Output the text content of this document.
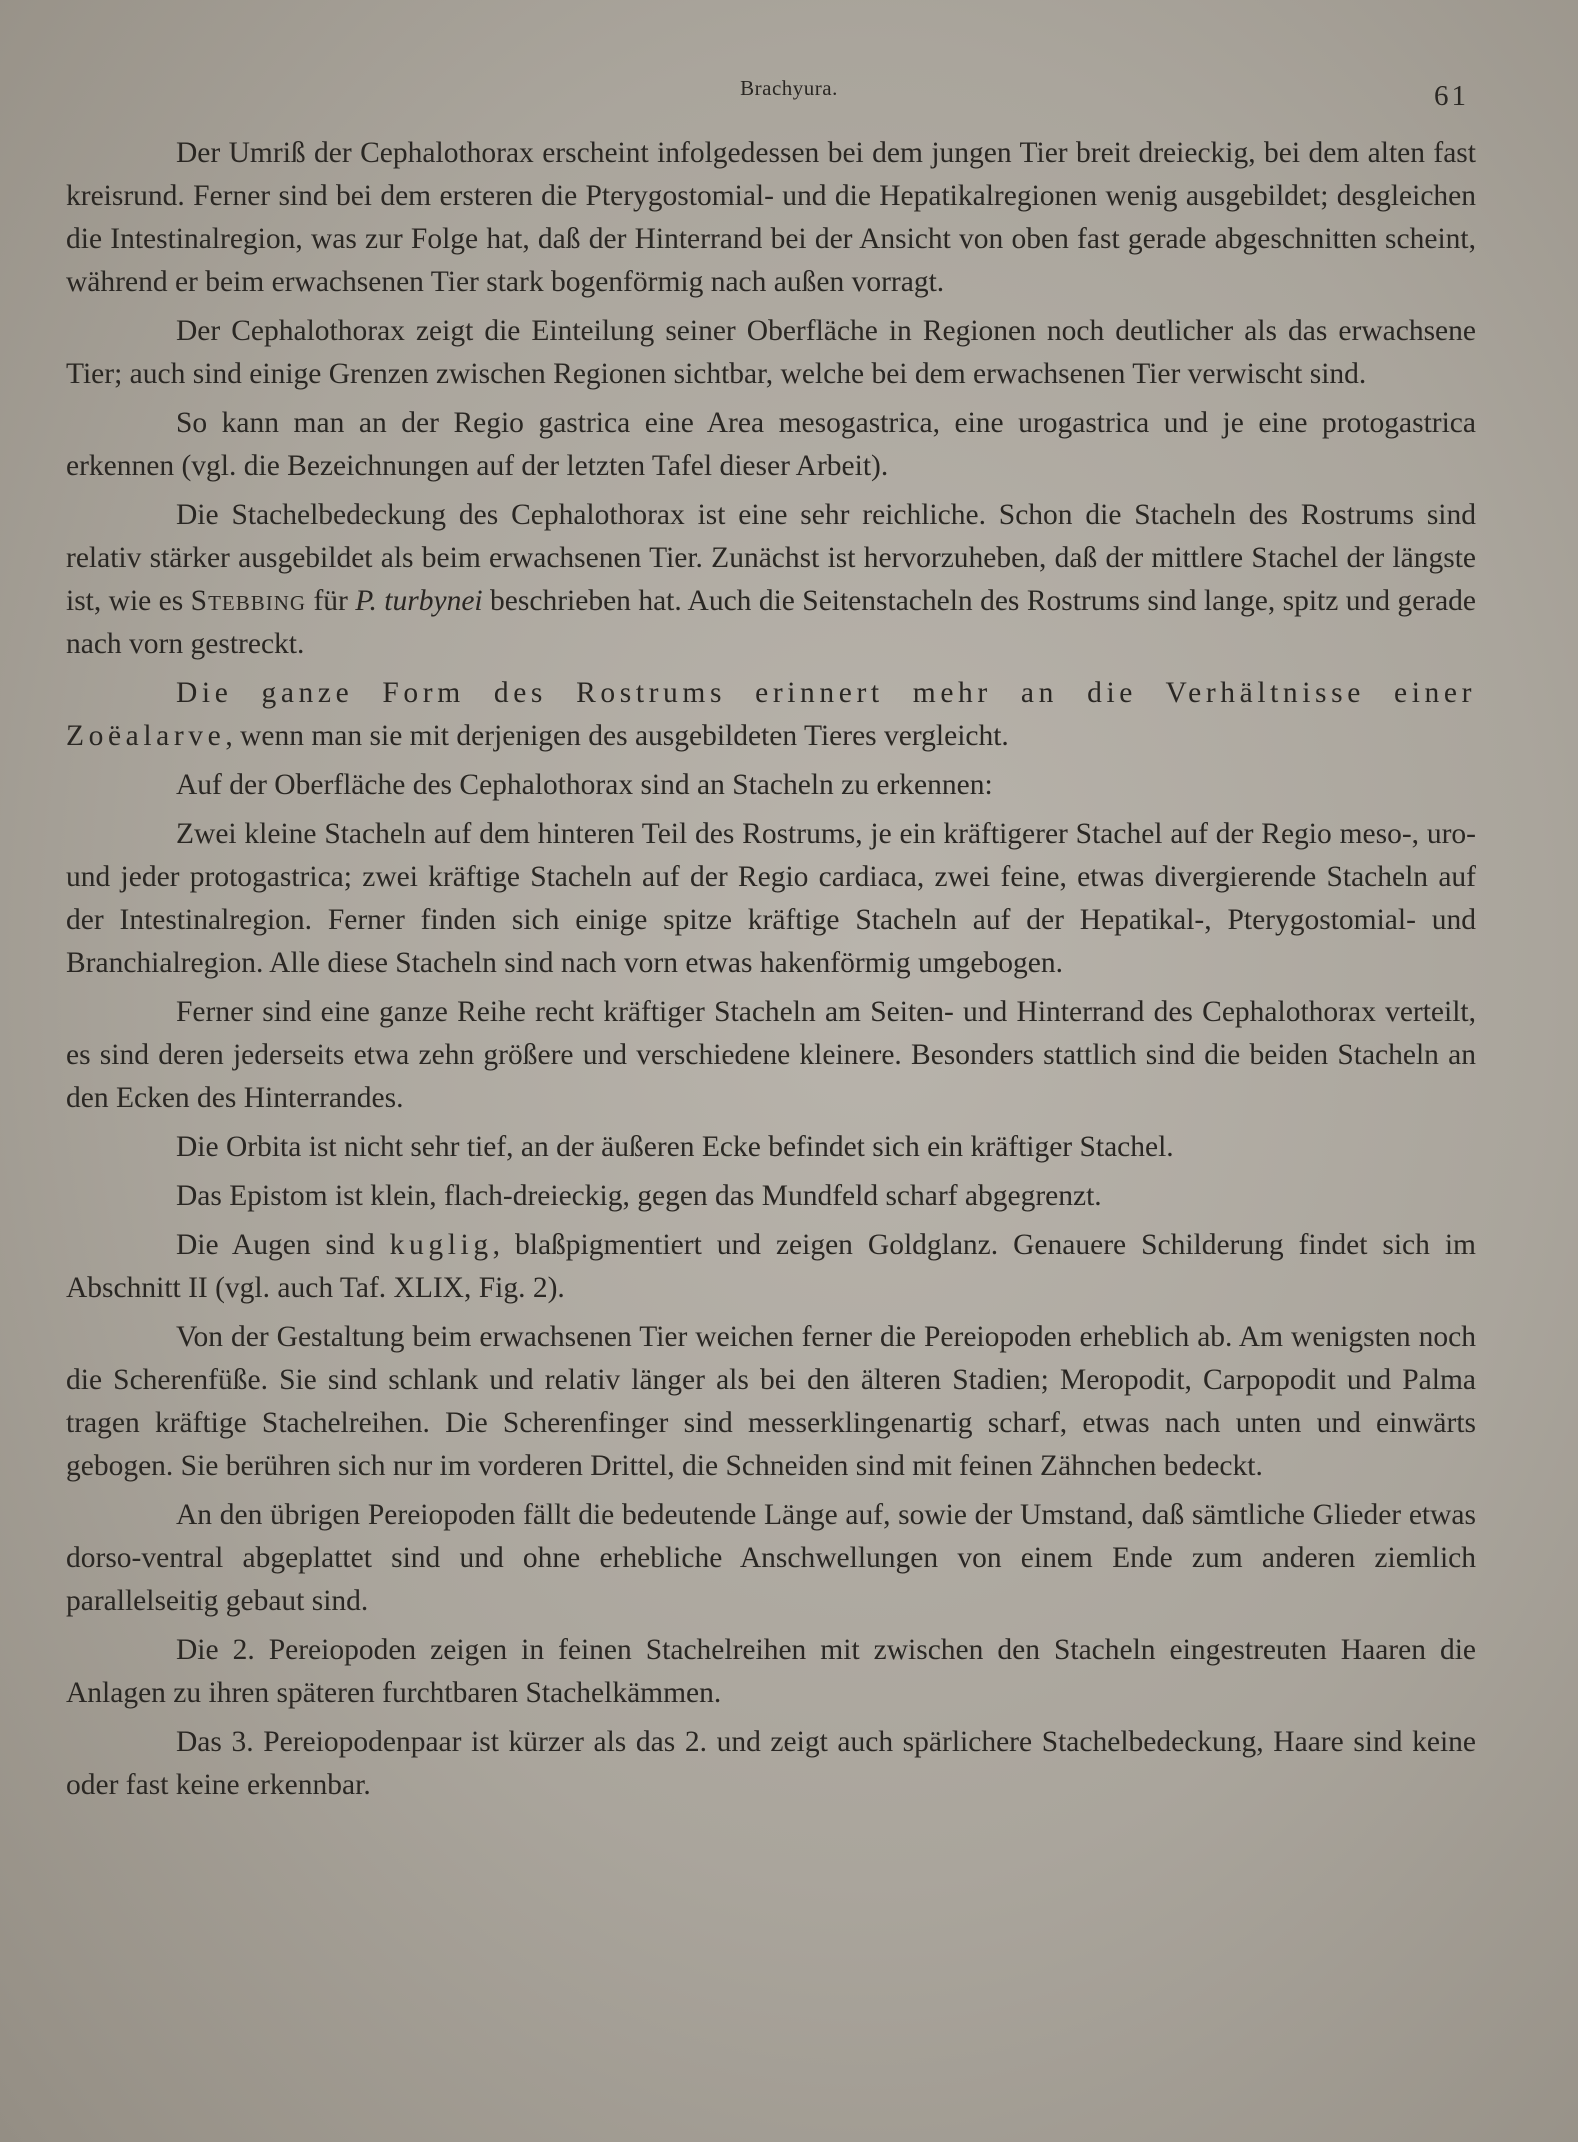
Brachyura.	61

Der Umriß der Cephalothorax erscheint infolgedessen bei dem jungen Tier breit dreieckig, bei dem alten fast kreisrund. Ferner sind bei dem ersteren die Pterygostomial- und die Hepatikalregionen wenig ausgebildet; desgleichen die Intestinalregion, was zur Folge hat, daß der Hinterrand bei der Ansicht von oben fast gerade abgeschnitten scheint, während er beim erwachsenen Tier stark bogenförmig nach außen vorragt.

Der Cephalothorax zeigt die Einteilung seiner Oberfläche in Regionen noch deutlicher als das erwachsene Tier; auch sind einige Grenzen zwischen Regionen sichtbar, welche bei dem erwachsenen Tier verwischt sind.

So kann man an der Regio gastrica eine Area mesogastrica, eine urogastrica und je eine protogastrica erkennen (vgl. die Bezeichnungen auf der letzten Tafel dieser Arbeit).

Die Stachelbedeckung des Cephalothorax ist eine sehr reichliche. Schon die Stacheln des Rostrums sind relativ stärker ausgebildet als beim erwachsenen Tier. Zunächst ist hervorzuheben, daß der mittlere Stachel der längste ist, wie es Stebbing für P. turbynei beschrieben hat. Auch die Seitenstacheln des Rostrums sind lange, spitz und gerade nach vorn gestreckt.

Die ganze Form des Rostrums erinnert mehr an die Verhältnisse einer Zoëalarve, wenn man sie mit derjenigen des ausgebildeten Tieres vergleicht.

Auf der Oberfläche des Cephalothorax sind an Stacheln zu erkennen:

Zwei kleine Stacheln auf dem hinteren Teil des Rostrums, je ein kräftigerer Stachel auf der Regio meso-, uro- und jeder protogastrica; zwei kräftige Stacheln auf der Regio cardiaca, zwei feine, etwas divergierende Stacheln auf der Intestinalregion. Ferner finden sich einige spitze kräftige Stacheln auf der Hepatikal-, Pterygostomial- und Branchialregion. Alle diese Stacheln sind nach vorn etwas hakenförmig umgebogen.

Ferner sind eine ganze Reihe recht kräftiger Stacheln am Seiten- und Hinterrand des Cephalothorax verteilt, es sind deren jederseits etwa zehn größere und verschiedene kleinere. Besonders stattlich sind die beiden Stacheln an den Ecken des Hinterrandes.

Die Orbita ist nicht sehr tief, an der äußeren Ecke befindet sich ein kräftiger Stachel.

Das Epistom ist klein, flach-dreieckig, gegen das Mundfeld scharf abgegrenzt.

Die Augen sind kuglig, blaßpigmentiert und zeigen Goldglanz. Genauere Schilderung findet sich im Abschnitt II (vgl. auch Taf. XLIX, Fig. 2).

Von der Gestaltung beim erwachsenen Tier weichen ferner die Pereiopoden erheblich ab. Am wenigsten noch die Scherenfüße. Sie sind schlank und relativ länger als bei den älteren Stadien; Meropodit, Carpopodit und Palma tragen kräftige Stachelreihen. Die Scherenfinger sind messerklingenartig scharf, etwas nach unten und einwärts gebogen. Sie berühren sich nur im vorderen Drittel, die Schneiden sind mit feinen Zähnchen bedeckt.

An den übrigen Pereiopoden fällt die bedeutende Länge auf, sowie der Umstand, daß sämtliche Glieder etwas dorso-ventral abgeplattet sind und ohne erhebliche Anschwellungen von einem Ende zum anderen ziemlich parallelseitig gebaut sind.

Die 2. Pereiopoden zeigen in feinen Stachelreihen mit zwischen den Stacheln eingestreuten Haaren die Anlagen zu ihren späteren furchtbaren Stachelkämmen.

Das 3. Pereiopodenpaar ist kürzer als das 2. und zeigt auch spärlichere Stachelbedeckung, Haare sind keine oder fast keine erkennbar.
